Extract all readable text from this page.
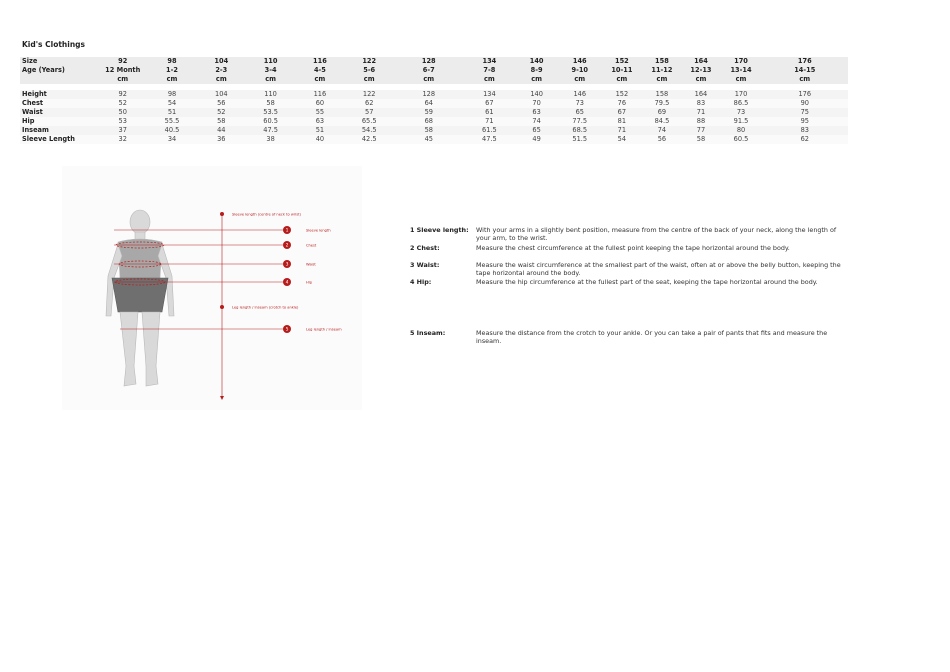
Kid's Clothings
Size	92	98	104	110	116	122	128	134	140	146	152	158	164	170	176
Age (Years)	12 Month	1-2	2-3	3-4	4-5	5-6	6-7	7-8	8-9	9-10	10-11	11-12	12-13	13-14	14-15
	cm	cm	cm	cm	cm	cm	cm	cm	cm	cm	cm	cm	cm	cm	cm

Height	92	98	104	110	116	122	128	134	140	146	152	158	164	170	176
Chest	52	54	56	58	60	62	64	67	70	73	76	79.5	83	86.5	90
Waist	50	51	52	53.5	55	57	59	61	63	65	67	69	71	73	75
Hip	53	55.5	58	60.5	63	65.5	68	71	74	77.5	81	84.5	88	91.5	95
Inseam	37	40.5	44	47.5	51	54.5	58	61.5	65	68.5	71	74	77	80	83
Sleeve Length	32	34	36	38	40	42.5	45	47.5	49	51.5	54	56	58	60.5	62
1
2
3
4
5
Sleeve length
Chest
Waist
Hip
Leg length / inseam
Sleeve length (centre of neck to wrist)
Leg length / inseam (crotch to ankle)
1 Sleeve length:	With your arms in a slightly bent position, measure from the centre of the back of your neck, along the length of your arm, to the wrist.
2 Chest:	Measure the chest circumference at the fullest point keeping the tape horizontal around the body.
3 Waist:	Measure the waist circumference at the smallest part of the waist, often at or above the belly button, keeping the tape horizontal around the body.
4 Hip:	Measure the hip circumference at the fullest part of the seat, keeping the tape horizontal around the body.
5 Inseam:	Measure the distance from the crotch to your ankle. Or you can take a pair of pants that fits and measure the inseam.
